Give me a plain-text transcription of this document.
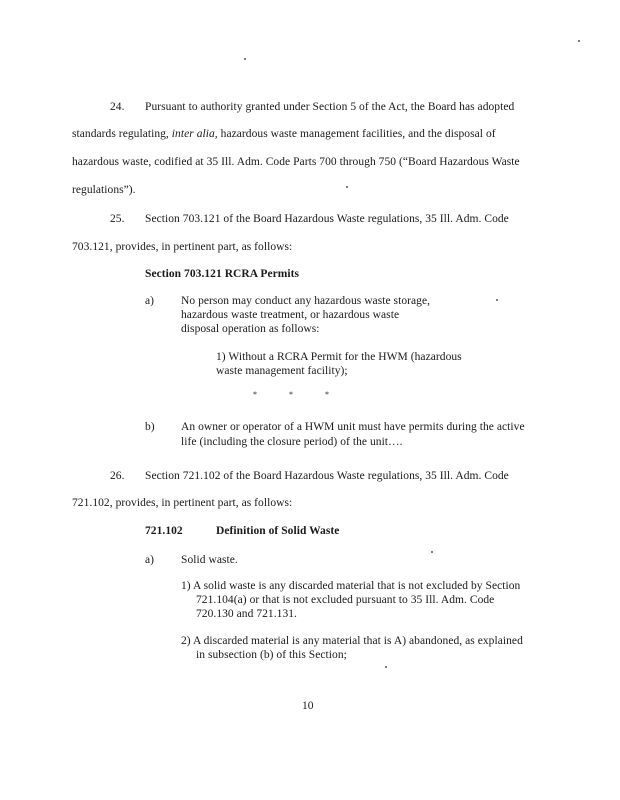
24. Pursuant to authority granted under Section 5 of the Act, the Board has adopted
standards regulating, inter alia, hazardous waste management facilities, and the disposal of
hazardous waste, codified at 35 Ill. Adm. Code Parts 700 through 750 (“Board Hazardous Waste
regulations”).
25. Section 703.121 of the Board Hazardous Waste regulations, 35 Ill. Adm. Code
703.121, provides, in pertinent part, as follows:
Section 703.121 RCRA Permits
a) No person may conduct any hazardous waste storage,
hazardous waste treatment, or hazardous waste
disposal operation as follows:
1) Without a RCRA Permit for the HWM (hazardous
waste management facility);
*	*	*
b) An owner or operator of a HWM unit must have permits during the active
life (including the closure period) of the unit….
26. Section 721.102 of the Board Hazardous Waste regulations, 35 Ill. Adm. Code
721.102, provides, in pertinent part, as follows:
721.102	Definition of Solid Waste
a) Solid waste.
1) A solid waste is any discarded material that is not excluded by Section
721.104(a) or that is not excluded pursuant to 35 Ill. Adm. Code
720.130 and 721.131.
2) A discarded material is any material that is A) abandoned, as explained
in subsection (b) of this Section;
10
